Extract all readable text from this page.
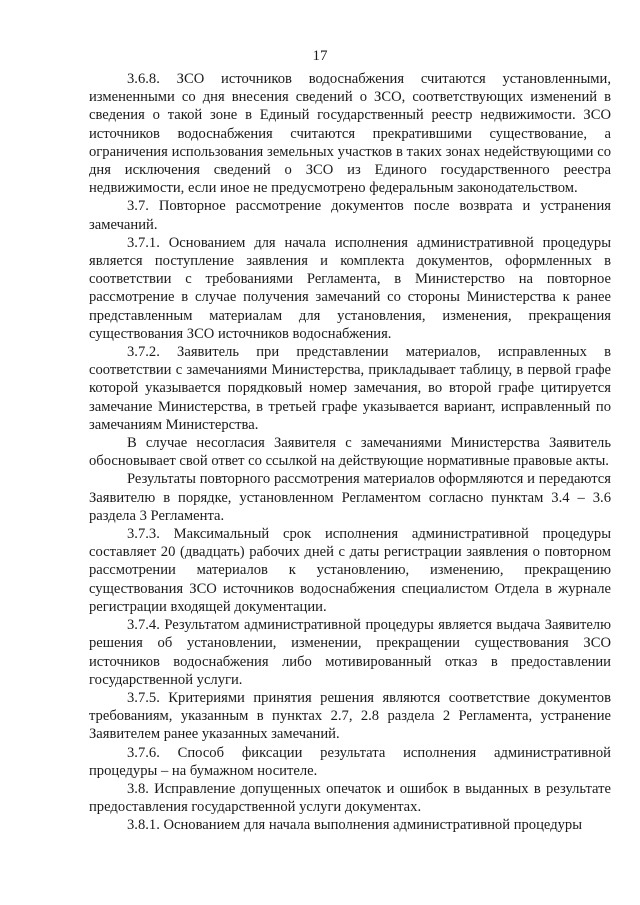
17

3.6.8. ЗСО источников водоснабжения считаются установленными, измененными со дня внесения сведений о ЗСО, соответствующих изменений в сведения о такой зоне в Единый государственный реестр недвижимости. ЗСО источников водоснабжения считаются прекратившими существование, а ограничения использования земельных участков в таких зонах недействующими со дня исключения сведений о ЗСО из Единого государственного реестра недвижимости, если иное не предусмотрено федеральным законодательством.

3.7. Повторное рассмотрение документов после возврата и устранения замечаний.

3.7.1. Основанием для начала исполнения административной процедуры является поступление заявления и комплекта документов, оформленных в соответствии с требованиями Регламента, в Министерство на повторное рассмотрение в случае получения замечаний со стороны Министерства к ранее представленным материалам для установления, изменения, прекращения существования ЗСО источников водоснабжения.

3.7.2. Заявитель при представлении материалов, исправленных в соответствии с замечаниями Министерства, прикладывает таблицу, в первой графе которой указывается порядковый номер замечания, во второй графе цитируется замечание Министерства, в третьей графе указывается вариант, исправленный по замечаниям Министерства.

В случае несогласия Заявителя с замечаниями Министерства Заявитель обосновывает свой ответ со ссылкой на действующие нормативные правовые акты.

Результаты повторного рассмотрения материалов оформляются и передаются Заявителю в порядке, установленном Регламентом согласно пунктам 3.4 – 3.6 раздела 3 Регламента.

3.7.3. Максимальный срок исполнения административной процедуры составляет 20 (двадцать) рабочих дней с даты регистрации заявления о повторном рассмотрении материалов к установлению, изменению, прекращению существования ЗСО источников водоснабжения специалистом Отдела в журнале регистрации входящей документации.

3.7.4. Результатом административной процедуры является выдача Заявителю решения об установлении, изменении, прекращении существования ЗСО источников водоснабжения либо мотивированный отказ в предоставлении государственной услуги.

3.7.5. Критериями принятия решения являются соответствие документов требованиям, указанным в пунктах 2.7, 2.8 раздела 2 Регламента, устранение Заявителем ранее указанных замечаний.

3.7.6. Способ фиксации результата исполнения административной процедуры – на бумажном носителе.

3.8. Исправление допущенных опечаток и ошибок в выданных в результате предоставления государственной услуги документах.

3.8.1. Основанием для начала выполнения административной процедуры
